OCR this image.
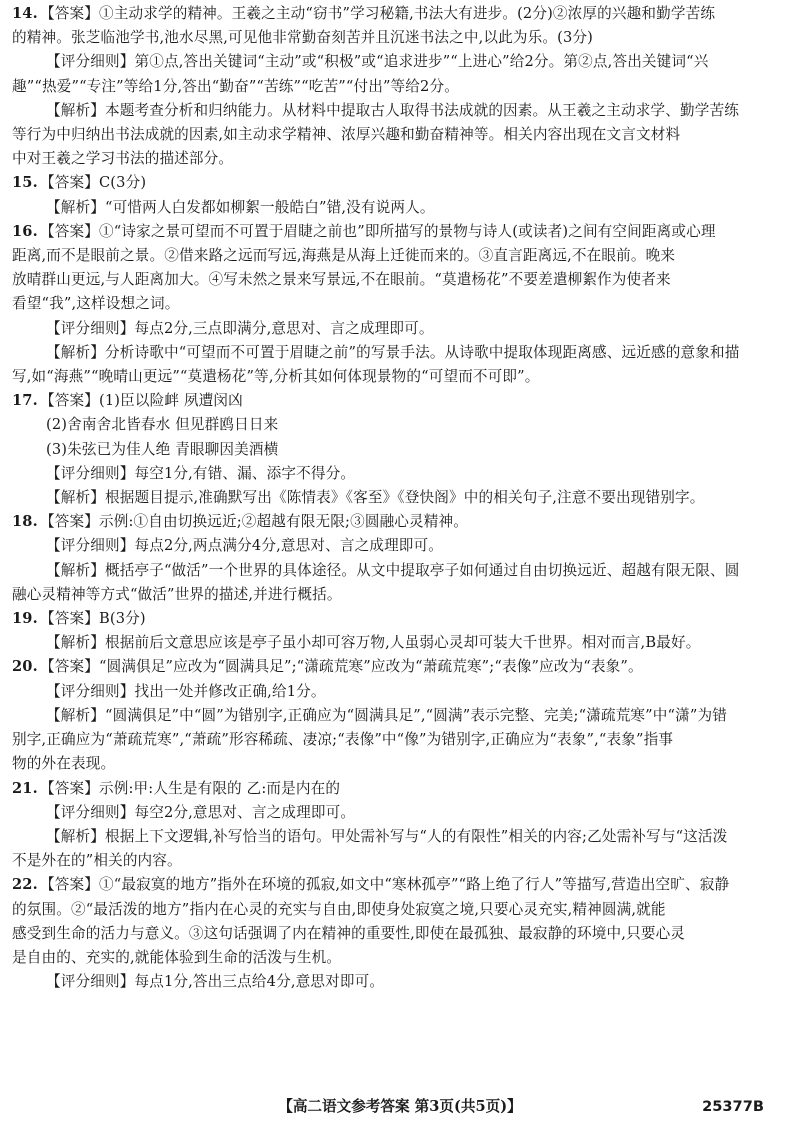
14. 【答案】①主动求学的精神。王羲之主动“窃书”学习秘籍,书法大有进步。(2分)②浓厚的兴趣和勤学苦练
的精神。张芝临池学书,池水尽黑,可见他非常勤奋刻苦并且沉迷书法之中,以此为乐。(3分)
【评分细则】第①点,答出关键词“主动”或“积极”或“追求进步”“上进心”给2分。第②点,答出关键词“兴
趣”“热爱”“专注”等给1分,答出“勤奋”“苦练”“吃苦”“付出”等给2分。
【解析】本题考查分析和归纳能力。从材料中提取古人取得书法成就的因素。从王羲之主动求学、勤学苦练
等行为中归纳出书法成就的因素,如主动求学精神、浓厚兴趣和勤奋精神等。相关内容出现在文言文材料
中对王羲之学习书法的描述部分。
15. 【答案】C(3分)
【解析】“可惜两人白发都如柳絮一般皓白”错,没有说两人。
16. 【答案】①“诗家之景可望而不可置于眉睫之前也”即所描写的景物与诗人(或读者)之间有空间距离或心理
距离,而不是眼前之景。②借来路之远而写远,海燕是从海上迁徙而来的。③直言距离远,不在眼前。晚来
放晴群山更远,与人距离加大。④写未然之景来写景远,不在眼前。“莫遣杨花”不要差遣柳絮作为使者来
看望“我”,这样设想之词。
【评分细则】每点2分,三点即满分,意思对、言之成理即可。
【解析】分析诗歌中“可望而不可置于眉睫之前”的写景手法。从诗歌中提取体现距离感、远近感的意象和描
写,如“海燕”“晚晴山更远”“莫遣杨花”等,分析其如何体现景物的“可望而不可即”。
17. 【答案】(1)臣以险衅 夙遭闵凶
(2)舍南舍北皆春水 但见群鸥日日来
(3)朱弦已为佳人绝 青眼聊因美酒横
【评分细则】每空1分,有错、漏、添字不得分。
【解析】根据题目提示,准确默写出《陈情表》《客至》《登快阁》中的相关句子,注意不要出现错别字。
18. 【答案】示例:①自由切换远近;②超越有限无限;③圆融心灵精神。
【评分细则】每点2分,两点满分4分,意思对、言之成理即可。
【解析】概括亭子“做活”一个世界的具体途径。从文中提取亭子如何通过自由切换远近、超越有限无限、圆
融心灵精神等方式“做活”世界的描述,并进行概括。
19. 【答案】B(3分)
【解析】根据前后文意思应该是亭子虽小却可容万物,人虽弱心灵却可装大千世界。相对而言,B最好。
20. 【答案】“圆满俱足”应改为“圆满具足”;“潇疏荒寒”应改为“萧疏荒寒”;“表像”应改为“表象”。
【评分细则】找出一处并修改正确,给1分。
【解析】“圆满俱足”中“圆”为错别字,正确应为“圆满具足”,“圆满”表示完整、完美;“潇疏荒寒”中“潇”为错
别字,正确应为“萧疏荒寒”,“萧疏”形容稀疏、凄凉;“表像”中“像”为错别字,正确应为“表象”,“表象”指事
物的外在表现。
21. 【答案】示例:甲:人生是有限的 乙:而是内在的
【评分细则】每空2分,意思对、言之成理即可。
【解析】根据上下文逻辑,补写恰当的语句。甲处需补写与“人的有限性”相关的内容;乙处需补写与“这活泼
不是外在的”相关的内容。
22. 【答案】①“最寂寞的地方”指外在环境的孤寂,如文中“寒林孤亭”“路上绝了行人”等描写,营造出空旷、寂静
的氛围。②“最活泼的地方”指内在心灵的充实与自由,即使身处寂寞之境,只要心灵充实,精神圆满,就能
感受到生命的活力与意义。③这句话强调了内在精神的重要性,即使在最孤独、最寂静的环境中,只要心灵
是自由的、充实的,就能体验到生命的活泼与生机。
【评分细则】每点1分,答出三点给4分,意思对即可。
【高二语文参考答案 第3页(共5页)】	25377B
